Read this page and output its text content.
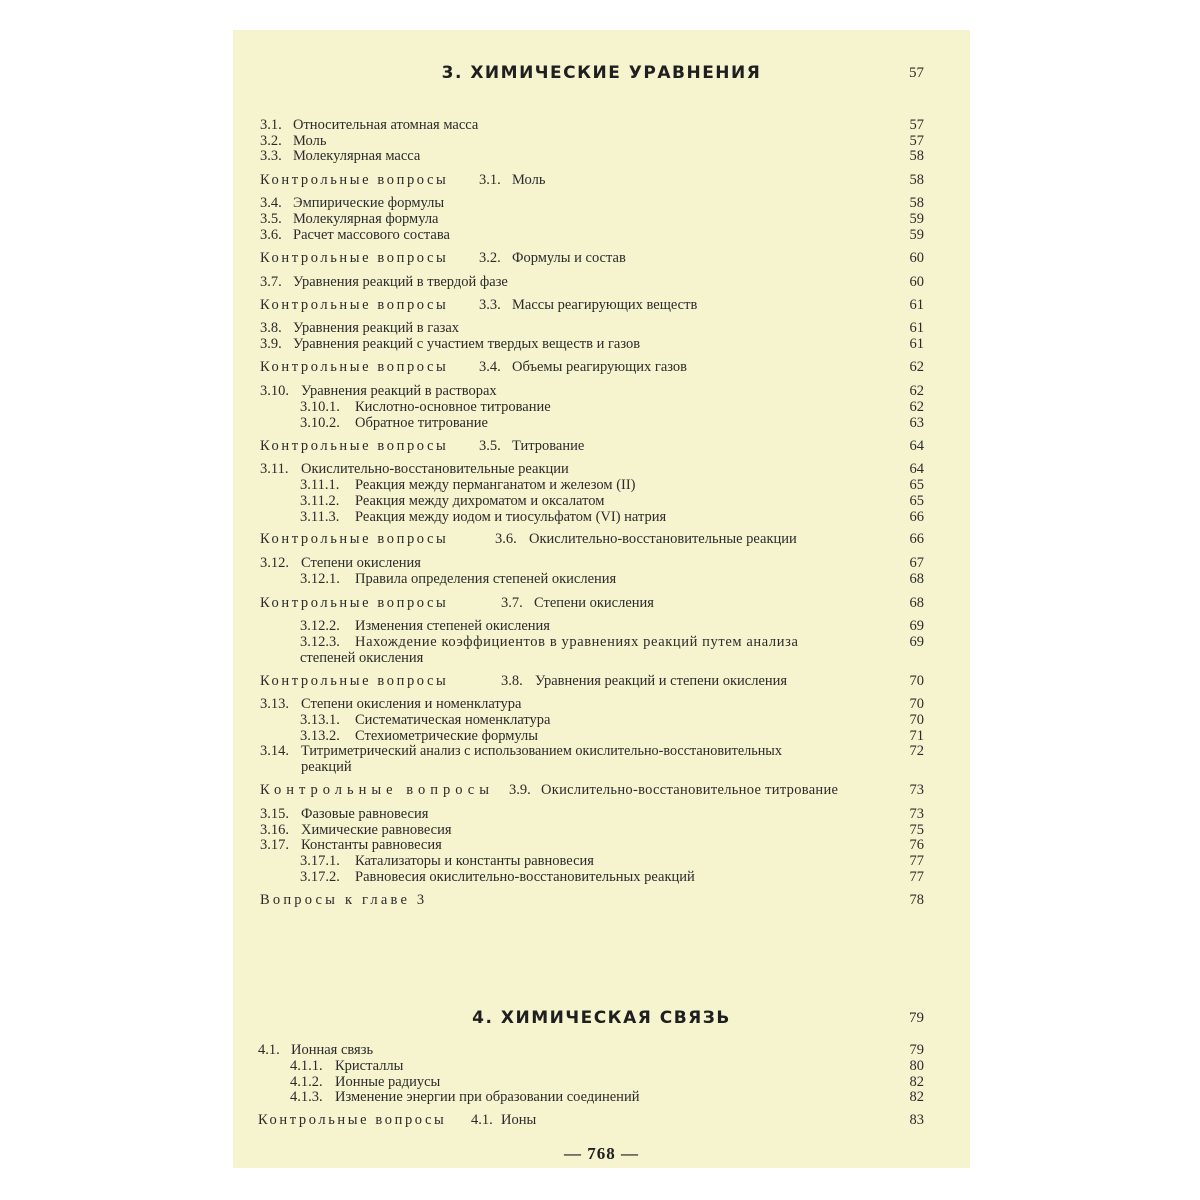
3. ХИМИЧЕСКИЕ УРАВНЕНИЯ	57
3.1. Относительная атомная масса	57
3.2. Моль	57
3.3. Молекулярная масса	58
Контрольные вопросы 3.1. Моль	58
3.4. Эмпирические формулы	58
3.5. Молекулярная формула	59
3.6. Расчет массового состава	59
Контрольные вопросы 3.2. Формулы и состав	60
3.7. Уравнения реакций в твердой фазе	60
Контрольные вопросы 3.3. Массы реагирующих веществ	61
3.8. Уравнения реакций в газах	61
3.9. Уравнения реакций с участием твердых веществ и газов	61
Контрольные вопросы 3.4. Объемы реагирующих газов	62
3.10. Уравнения реакций в растворах	62
3.10.1. Кислотно-основное титрование	62
3.10.2. Обратное титрование	63
Контрольные вопросы 3.5. Титрование	64
3.11. Окислительно-восстановительные реакции	64
3.11.1. Реакция между перманганатом и железом (II)	65
3.11.2. Реакция между дихроматом и оксалатом	65
3.11.3. Реакция между иодом и тиосульфатом (VI) натрия	66
Контрольные вопросы	3.6. Окислительно-восстановительные реакции	66
3.12. Степени окисления	67
3.12.1. Правила определения степеней окисления	68
Контрольные вопросы	3.7. Степени окисления	68
3.12.2. Изменения степеней окисления	69
3.12.3. Нахождение коэффициентов в уравнениях реакций путем анализа	69
степеней окисления
Контрольные вопросы	3.8. Уравнения реакций и степени окисления	70
3.13. Степени окисления и номенклатура	70
3.13.1. Систематическая номенклатура	70
3.13.2. Стехиометрические формулы	71
3.14. Титриметрический анализ с использованием окислительно-восстановительных	72
реакций
Контрольные вопросы 3.9. Окислительно-восстановительное титрование	73
3.15. Фазовые равновесия	73
3.16. Химические равновесия	75
3.17. Константы равновесия	76
3.17.1. Катализаторы и константы равновесия	77
3.17.2. Равновесия окислительно-восстановительных реакций	77
Вопросы к главе 3	78
4. ХИМИЧЕСКАЯ СВЯЗЬ	79
4.1. Ионная связь	79
4.1.1. Кристаллы	80
4.1.2. Ионные радиусы	82
4.1.3. Изменение энергии при образовании соединений	82
Контрольные вопросы 4.1. Ионы	83
— 768 —
